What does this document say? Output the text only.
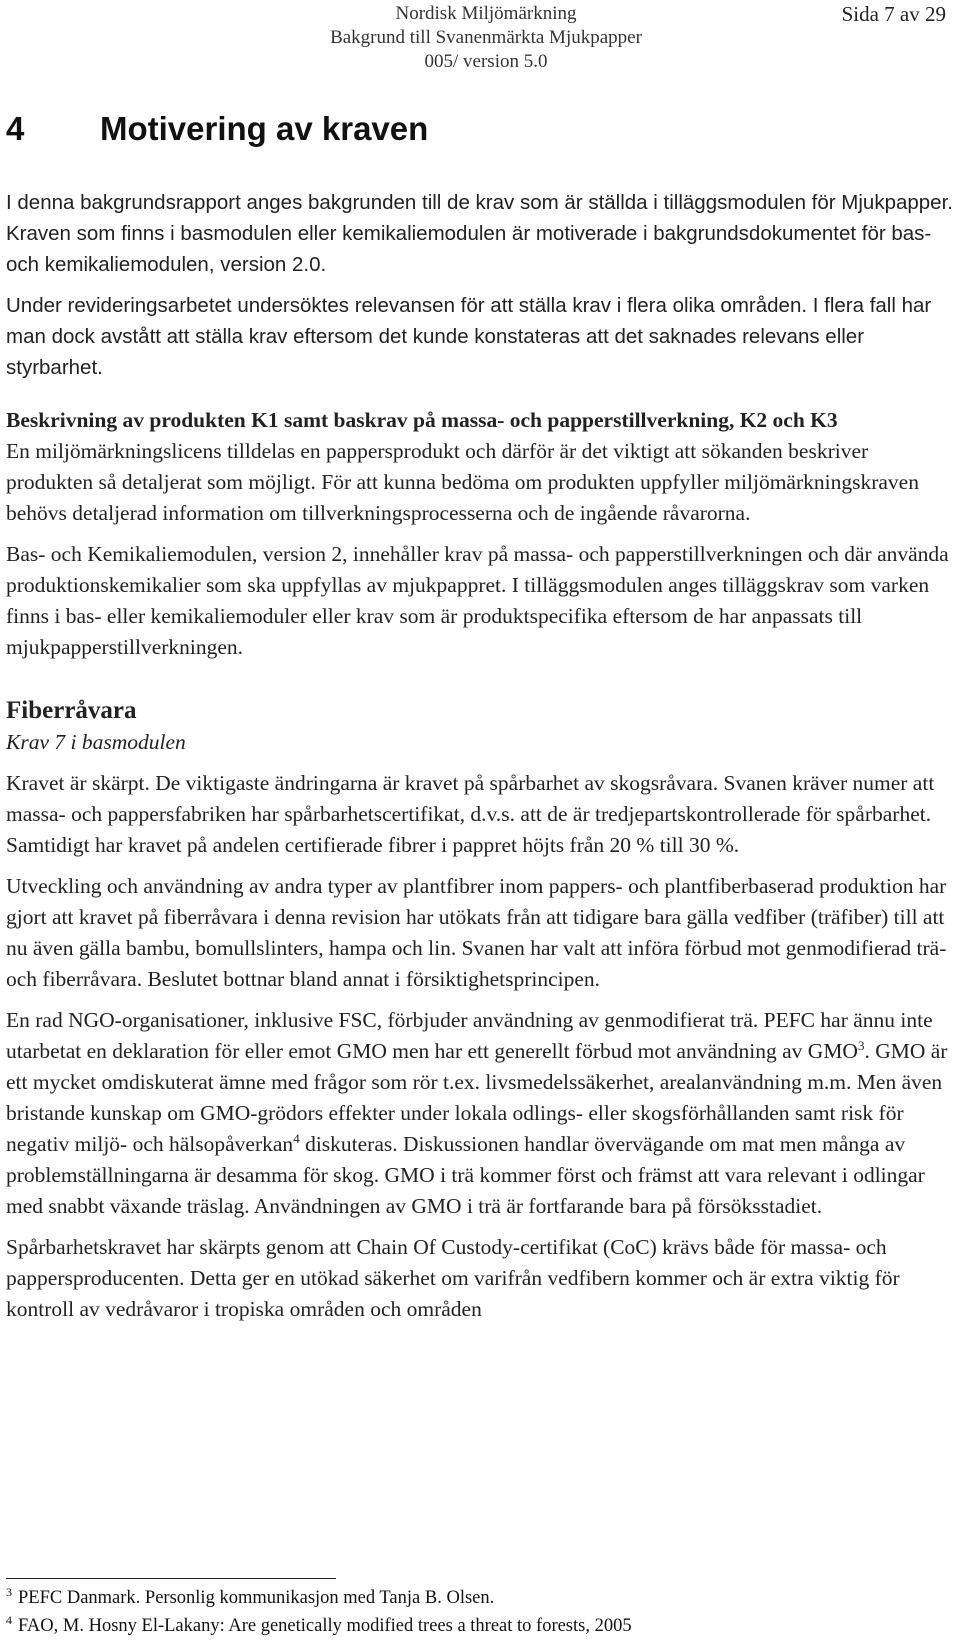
Nordisk Miljömärkning
Bakgrund till Svanenmärkta Mjukpapper
005/ version 5.0
Sida 7 av 29
4 Motivering av kraven

I denna bakgrundsrapport anges bakgrunden till de krav som är ställda i tilläggsmodulen för Mjukpapper. Kraven som finns i basmodulen eller kemikaliemodulen är motiverade i bakgrundsdokumentet för bas- och kemikaliemodulen, version 2.0.

Under revideringsarbetet undersöktes relevansen för att ställa krav i flera olika områden. I flera fall har man dock avstått att ställa krav eftersom det kunde konstateras att det saknades relevans eller styrbarhet.

Beskrivning av produkten K1 samt baskrav på massa- och papperstillverkning, K2 och K3

En miljömärkningslicens tilldelas en pappersprodukt och därför är det viktigt att sökanden beskriver produkten så detaljerat som möjligt. För att kunna bedöma om produkten uppfyller miljömärkningskraven behövs detaljerad information om tillverkningsprocesserna och de ingående råvarorna.

Bas- och Kemikaliemodulen, version 2, innehåller krav på massa- och papperstillverkningen och där använda produktionskemikalier som ska uppfyllas av mjukpappret. I tilläggsmodulen anges tilläggskrav som varken finns i bas- eller kemikaliemoduler eller krav som är produktspecifika eftersom de har anpassats till mjukpapperstillverkningen.

Fiberråvara
Krav 7 i basmodulen

Kravet är skärpt. De viktigaste ändringarna är kravet på spårbarhet av skogsråvara. Svanen kräver numer att massa- och pappersfabriken har spårbarhetscertifikat, d.v.s. att de är tredjepartskontrollerade för spårbarhet. Samtidigt har kravet på andelen certifierade fibrer i pappret höjts från 20 % till 30 %.

Utveckling och användning av andra typer av plantfibrer inom pappers- och plantfiberbaserad produktion har gjort att kravet på fiberråvara i denna revision har utökats från att tidigare bara gälla vedfiber (träfiber) till att nu även gälla bambu, bomullslinters, hampa och lin. Svanen har valt att införa förbud mot genmodifierad trä- och fiberråvara. Beslutet bottnar bland annat i försiktighetsprincipen.

En rad NGO-organisationer, inklusive FSC, förbjuder användning av genmodifierat trä. PEFC har ännu inte utarbetat en deklaration för eller emot GMO men har ett generellt förbud mot användning av GMO$^3$. GMO är ett mycket omdiskuterat ämne med frågor som rör t.ex. livsmedelssäkerhet, arealanvändning m.m. Men även bristande kunskap om GMO-grödors effekter under lokala odlings- eller skogsförhållanden samt risk för negativ miljö- och hälsopåverkan$^4$ diskuteras. Diskussionen handlar övervägande om mat men många av problemställningarna är desamma för skog. GMO i trä kommer först och främst att vara relevant i odlingar med snabbt växande träslag. Användningen av GMO i trä är fortfarande bara på försöksstadiet.

Spårbarhetskravet har skärpts genom att Chain Of Custody-certifikat (CoC) krävs både för massa- och pappersproducenten. Detta ger en utökad säkerhet om varifrån vedfibern kommer och är extra viktig för kontroll av vedråvaror i tropiska områden och områden

$^3$ PEFC Danmark. Personlig kommunikasjon med Tanja B. Olsen.
$^4$ FAO, M. Hosny El-Lakany: Are genetically modified trees a threat to forests, 2005
